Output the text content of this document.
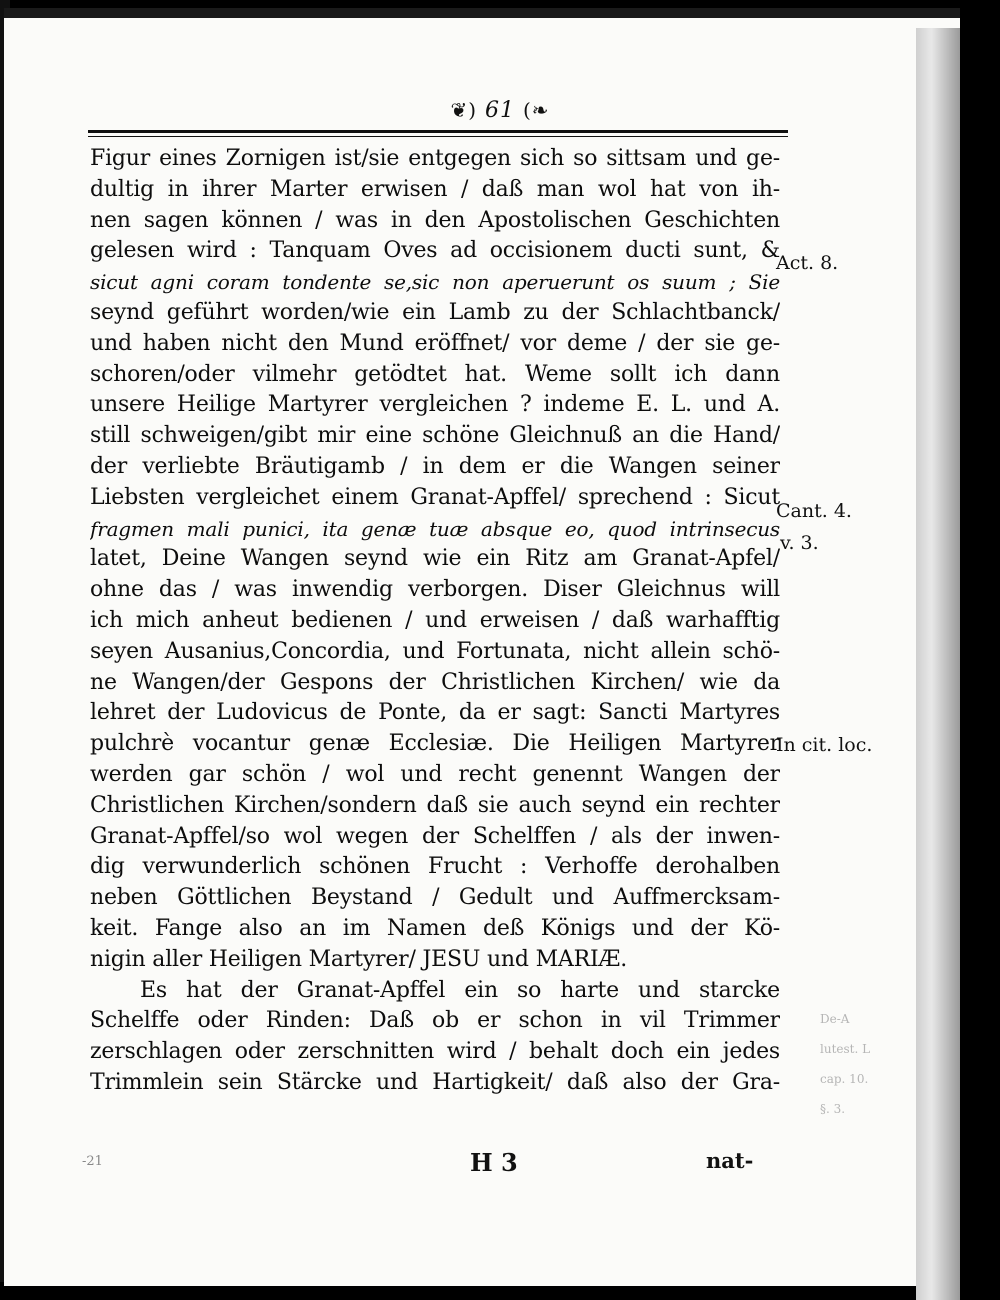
❦) 61 (❧
Figur eines Zornigen ist/sie entgegen sich so sittsam und ge-
dultig in ihrer Marter erwisen / daß man wol hat von ih-
nen sagen können / was in den Apostolischen Geschichten
gelesen wird : Tanquam Oves ad occisionem ducti sunt, &
sicut agni coram tondente se,sic non aperuerunt os suum ; Sie
seynd geführt worden/wie ein Lamb zu der Schlachtbanck/
und haben nicht den Mund eröffnet/ vor deme / der sie ge-
schoren/oder vilmehr getödtet hat. Weme sollt ich dann
unsere Heilige Martyrer vergleichen ? indeme E. L. und A.
still schweigen/gibt mir eine schöne Gleichnuß an die Hand/
der verliebte Bräutigamb / in dem er die Wangen seiner
Liebsten vergleichet einem Granat-Apffel/ sprechend : Sicut
fragmen mali punici, ita genæ tuæ absque eo, quod intrinsecus
latet, Deine Wangen seynd wie ein Ritz am Granat-Apfel/
ohne das / was inwendig verborgen. Diser Gleichnus will
ich mich anheut bedienen / und erweisen / daß warhafftig
seyen Ausanius,Concordia, und Fortunata, nicht allein schö-
ne Wangen/der Gespons der Christlichen Kirchen/ wie da
lehret der Ludovicus de Ponte, da er sagt: Sancti Martyres
pulchrè vocantur genæ Ecclesiæ. Die Heiligen Martyrer
werden gar schön / wol und recht genennt Wangen der
Christlichen Kirchen/sondern daß sie auch seynd ein rechter
Granat-Apffel/so wol wegen der Schelffen / als der inwen-
dig verwunderlich schönen Frucht : Verhoffe derohalben
neben Göttlichen Beystand / Gedult und Auffmercksam-
keit. Fange also an im Namen deß Königs und der Kö-
nigin aller Heiligen Martyrer/ JESU und MARIÆ.
Es hat der Granat-Apffel ein so harte und starcke
Schelffe oder Rinden: Daß ob er schon in vil Trimmer
zerschlagen oder zerschnitten wird / behalt doch ein jedes
Trimmlein sein Stärcke und Hartigkeit/ daß also der Gra-
Act. 8.
Cant. 4.
v. 3.
In cit. loc.
De-A
lutest. L
cap. 10.
§. 3.
-21	H 3	nat-
